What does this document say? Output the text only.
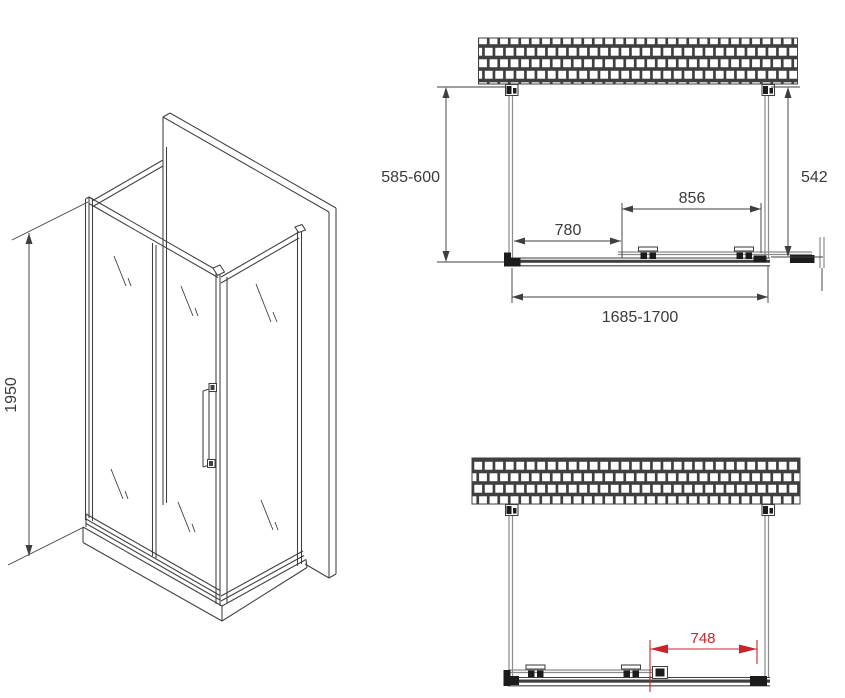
1950
585-600	542
780
856
1685-1700
748
